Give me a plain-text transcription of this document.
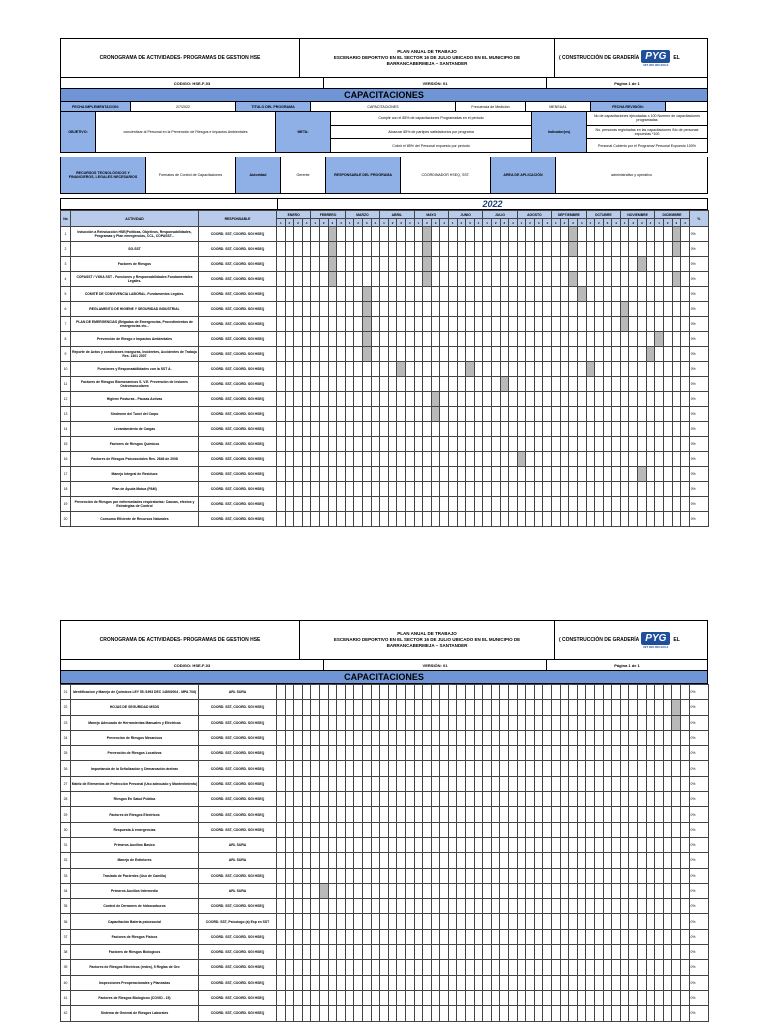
CRONOGRAMA DE ACTIVIDADES- PROGRAMAS DE GESTION HSE
PLAN ANUAL DE TRABAJO
ESCENARIO DEPORTIVO EN EL SECTOR 16 DE JULIO UBICADO EN EL MUNICIPIO DE
BARRANCABERMEJA – SANTANDER
( CONSTRUCCIÓN DE GRADERÍA PYG
NIT 900.000.000-0
EL
CODIGO: HSE-F-03	VERSIÓN: 01	Página 1 de 1
CAPACITACIONES
FECHA IMPLEMENTACION:	2/7/2022	TITULO DEL PROGRAMA	CAPACITACIONES	Frecuencia de Medición	MENSUAL	FECHA REVISIÓN:
OBJETIVO:	concientizar al Personal en la Prevención de Riesgos e Impactos Ambientales	META:
Cumplir con el 85% de capacitaciones Programadas en el periodo
Alcanzar 85% de partipes satisfactorios por programa
Cubrir el 85% del Personal expuesto por periodo
Indicador(es)
No de capacitaciones ejecutadas x 100 Numero de capacitaciones programadas
No. personas registradas en las capacitaciones /No de personas expuestas *100
Personal Cubierto por el Programa/ Personal Expuesto 100%
RECURSOS TECNOLÓGICOS Y FINANCIEROS, LEGALES NECESARIOS	Formatos de Control de Capacitaciones	Autoridad	Gerente	RESPONSABLE DEL PROGRAMA	COORDINADOR HSEQ, SST.	AREA DE APLICACIÓN	administrativo y operativo
2022
No	ACTIVIDAD	RESPONSABLE	ENERO				FEBRERO				MARZO				ABRIL				MAYO				JUNIO				JULIO				AGOSTO				SEPTIEMBRE				OCTUBRE				NOVIEMBRE				DICIEMBRE				%
			1	2	3	4	1	2	3	4	1	2	3	4	1	2	3	4	1	2	3	4	1	2	3	4	1	2	3	4	1	2	3	4	1	2	3	4	1	2	3	4	1	2	3	4	1	2	3	4	
1	Inducción a Reinducción HSE(Políticas, Objetivos, Responsabilidades, Programas y Plan emergencias, CCL, COPASST...	COORD. SST, COORD. SGI HSEQ																																																	0%
2	SG-SST	COORD. SST, COORD. SGI HSEQ																																																	0%
3	Factores de Riesgos	COORD. SST, COORD. SGI HSEQ																																																	0%
4	COPASST / VIGIA SST - Funciones y Responsabilidades Fundamentales Legales.	COORD. SST, COORD. SGI HSEQ																																																	0%
5	COMITÉ DE CONVIVENCIA LABORAL. Fundamentos Legales.	COORD. SST, COORD. SGI HSEQ																																																	0%
6	REGLAMENTO DE HIGIENE Y SEGURIDAD INDUSTRIAL	COORD. SST, COORD. SGI HSEQ																																																	0%
7	PLAN DE EMERGENCIAS (Brigadas de Emergencias, Procedimientos de emergencias etc...	COORD. SST, COORD. SGI HSEQ																																																	0%
8	Prevención de Riesgo e Impactos Ambientales	COORD. SST, COORD. SGI HSEQ																																																	0%
9	Reporte de Actos y condiciones inseguras, Incidentes, Accidentes de Trabajo Res. 1401 2007	COORD. SST, COORD. SGI HSEQ																																																	0%
10	Funciones y Responsabilidades con la SST A.	COORD. SST, COORD. SGI HSEQ																																																	0%
11	Factores de Riesgos Biomecanicos S. V.E. Prevención de lesiones Osteomusculares	COORD. SST, COORD. SGI HSEQ																																																	0%
12	Higiene Posturas - Pausas Activas	COORD. SST, COORD. SGI HSEQ																																																	0%
13	Sindrome del Tunel del Carpo	COORD. SST, COORD. SGI HSEQ																																																	0%
14	Levantamiento de Cargas	COORD. SST, COORD. SGI HSEQ																																																	0%
15	Factores de Riesgos Químicos	COORD. SST, COORD. SGI HSEQ																																																	0%
16	Factores de Riesgos Psicosociales Res. 2646 de 2008	COORD. SST, COORD. SGI HSEQ																																																	0%
17	Manejo Integral de Residuos	COORD. SST, COORD. SGI HSEQ																																																	0%
18	Plan de Ayuda Mutua (PAM)	COORD. SST, COORD. SGI HSEQ																																																	0%
19	Prevención de Riesgos por enfermedades respiratorias: Causas, efectos y Estrategias de Control	COORD. SST, COORD. SGI HSEQ																																																	0%
20	Consumo Eficiente de Recursos Naturales	COORD. SST, COORD. SGI HSEQ																																																	0%
CRONOGRAMA DE ACTIVIDADES- PROGRAMAS DE GESTION HSE
PLAN ANUAL DE TRABAJO
ESCENARIO DEPORTIVO EN EL SECTOR 16 DE JULIO UBICADO EN EL MUNICIPIO DE
BARRANCABERMEJA – SANTANDER
( CONSTRUCCIÓN DE GRADERÍA PYG
NIT 900.000.000-0
EL
CODIGO: HSE-F-03	VERSIÓN: 01	Página 1 de 1
CAPACITACIONES
21	Identificacion y Manejo de Quimicos LEY 55 /1993 DEC 1489/2004 - MPA 706)	ARL SURA																																																	0%
22	HOJAS DE SEGURIDAD MSDS	COORD. SST, COORD. SGI HSEQ																																																	0%
23	Manejo Adecuado de Herramientas Manuales y Eléctricas	COORD. SST, COORD. SGI HSEQ																																																	0%
24	Prevención de Riesgos Mecanicos	COORD. SST, COORD. SGI HSEQ																																																	0%
25	Prevención de Riesgos Locativos	COORD. SST, COORD. SGI HSEQ																																																	0%
26	Importancia de la Señalización y Demarcación áreleas	COORD. SST, COORD. SGI HSEQ																																																	0%
27	Matriz de Elementos de Protección Personal (Uso adecuado y Mantenimiento)	COORD. SST, COORD. SGI HSEQ																																																	0%
28	Riesgos En Salud Pública	COORD. SST, COORD. SGI HSEQ																																																	0%
29	Factores de Riesgos Electricos	COORD. SST, COORD. SGI HSEQ																																																	0%
30	Respuesta A emergencias	COORD. SST, COORD. SGI HSEQ																																																	0%
31	Primeros Auxilios Basico	ARL SURA																																																	0%
32	Manejo de Extintores	ARL SURA																																																	0%
33	Traslado de Pacientes (Uso de Camilla)	COORD. SST, COORD. SGI HSEQ																																																	0%
34	Primeros Auxilios Intermedio	ARL SURA																																																	0%
35	Control de Derrames de hidrocarburos	COORD. SST, COORD. SGI HSEQ																																																	0%
36	Capacitación Batería psicosocial	COORD. SST, Psicologo (a) Esp en SST																																																	0%
37	Factores de Riesgos Fisicos	COORD. SST, COORD. SGI HSEQ																																																	0%
38	Factores de Riesgos Biologicos	COORD. SST, COORD. SGI HSEQ																																																	0%
39	Factores de Riesgos Eléctricos (redes), 5 Reglas de Oro	COORD. SST, COORD. SGI HSEQ																																																	0%
40	Inspecciones Preoperacionales y Planeadas	COORD. SST, COORD. SGI HSEQ																																																	0%
41	Factores de Riesgos Biologicos (COVID - 19)	COORD. SST, COORD. SGI HSEQ																																																	0%
42	Sistema de General de Riesgos Laborales	COORD. SST, COORD. SGI HSEQ																																																	0%
